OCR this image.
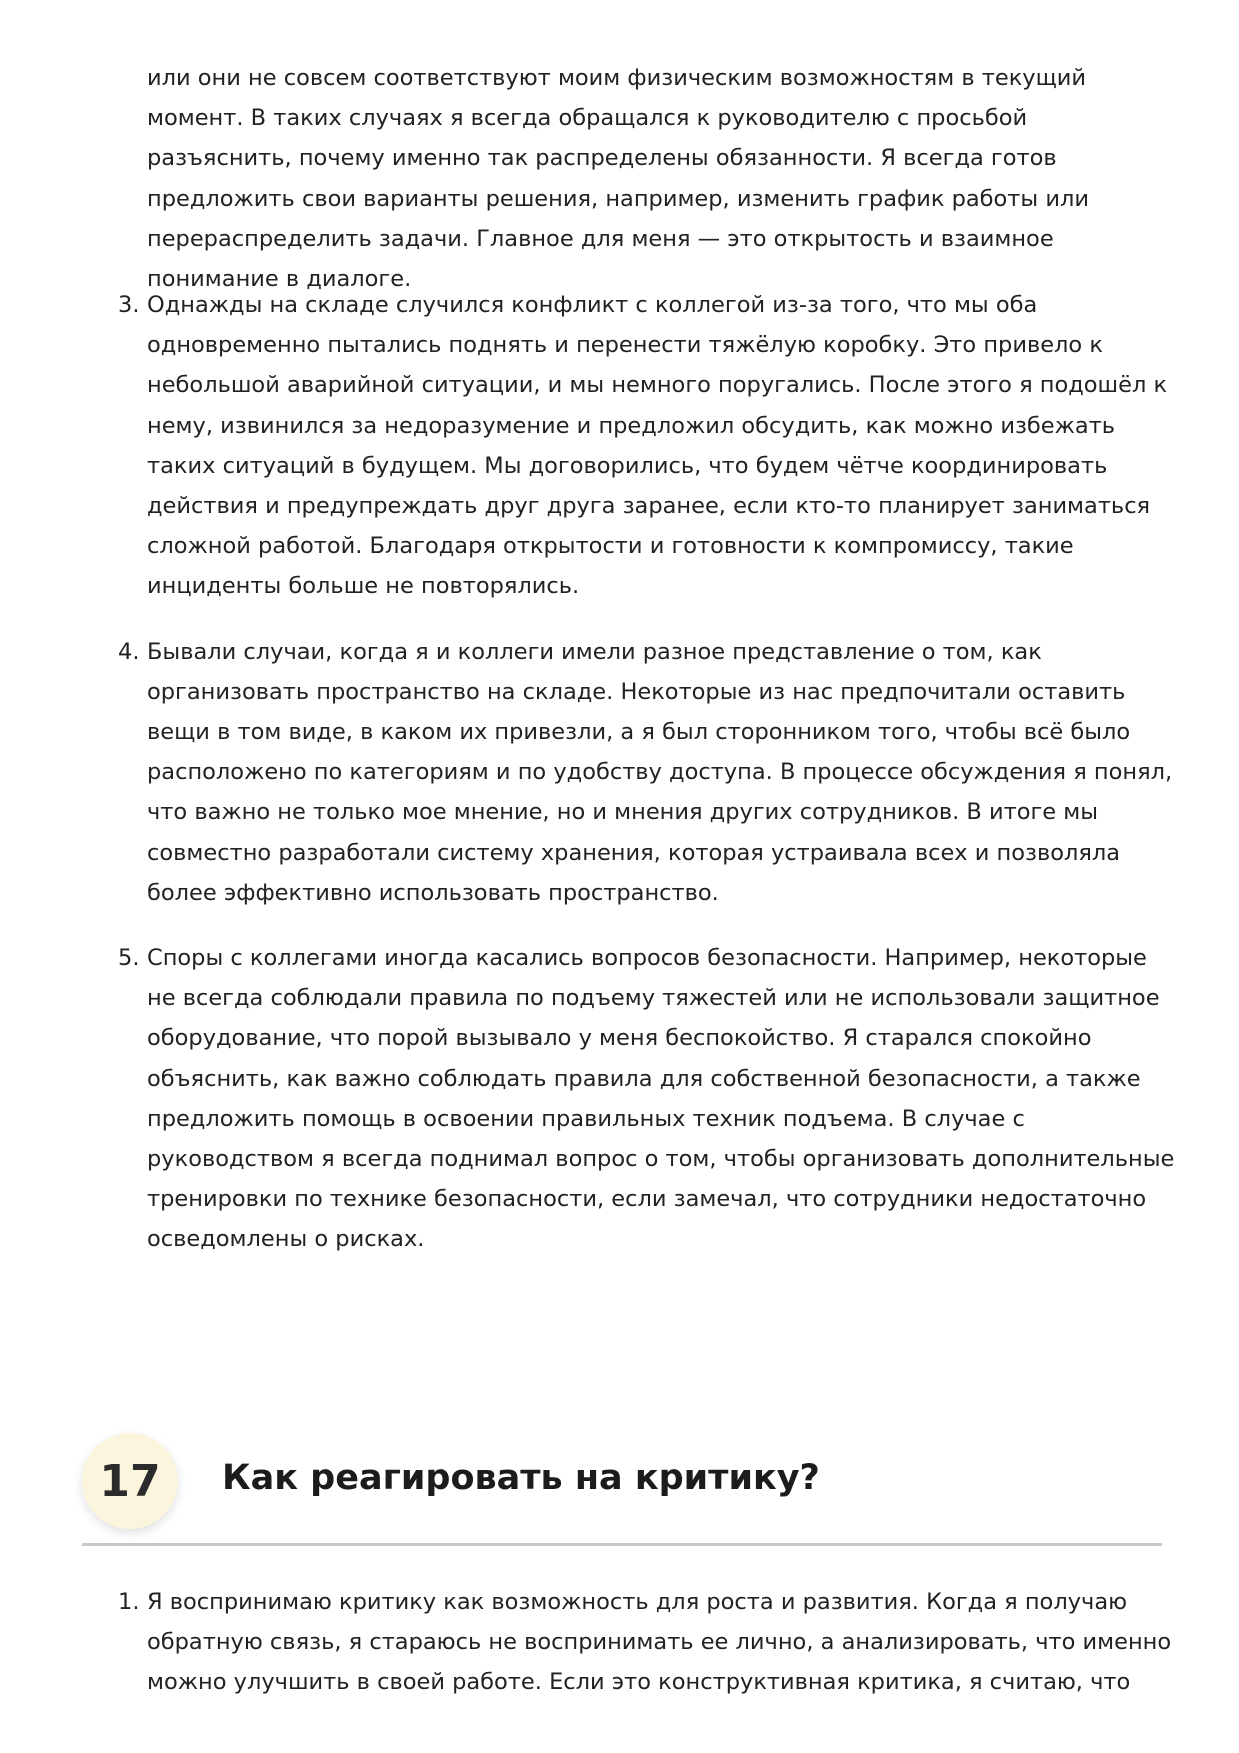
или они не совсем соответствуют моим физическим возможностям в текущий момент. В таких случаях я всегда обращался к руководителю с просьбой разъяснить, почему именно так распределены обязанности. Я всегда готов предложить свои варианты решения, например, изменить график работы или перераспределить задачи. Главное для меня — это открытость и взаимное понимание в диалоге.

3. Однажды на складе случился конфликт с коллегой из-за того, что мы оба одновременно пытались поднять и перенести тяжёлую коробку. Это привело к небольшой аварийной ситуации, и мы немного поругались. После этого я подошёл к нему, извинился за недоразумение и предложил обсудить, как можно избежать таких ситуаций в будущем. Мы договорились, что будем чётче координировать действия и предупреждать друг друга заранее, если кто-то планирует заниматься сложной работой. Благодаря открытости и готовности к компромиссу, такие инциденты больше не повторялись.
4. Бывали случаи, когда я и коллеги имели разное представление о том, как организовать пространство на складе. Некоторые из нас предпочитали оставить вещи в том виде, в каком их привезли, а я был сторонником того, чтобы всё было расположено по категориям и по удобству доступа. В процессе обсуждения я понял, что важно не только мое мнение, но и мнения других сотрудников. В итоге мы совместно разработали систему хранения, которая устраивала всех и позволяла более эффективно использовать пространство.
5. Споры с коллегами иногда касались вопросов безопасности. Например, некоторые не всегда соблюдали правила по подъему тяжестей или не использовали защитное оборудование, что порой вызывало у меня беспокойство. Я старался спокойно объяснить, как важно соблюдать правила для собственной безопасности, а также предложить помощь в освоении правильных техник подъема. В случае с руководством я всегда поднимал вопрос о том, чтобы организовать дополнительные тренировки по технике безопасности, если замечал, что сотрудники недостаточно осведомлены о рисках.
17	Как реагировать на критику?
1. Я воспринимаю критику как возможность для роста и развития. Когда я получаю обратную связь, я стараюсь не воспринимать ее лично, а анализировать, что именно можно улучшить в своей работе. Если это конструктивная критика, я считаю, что
